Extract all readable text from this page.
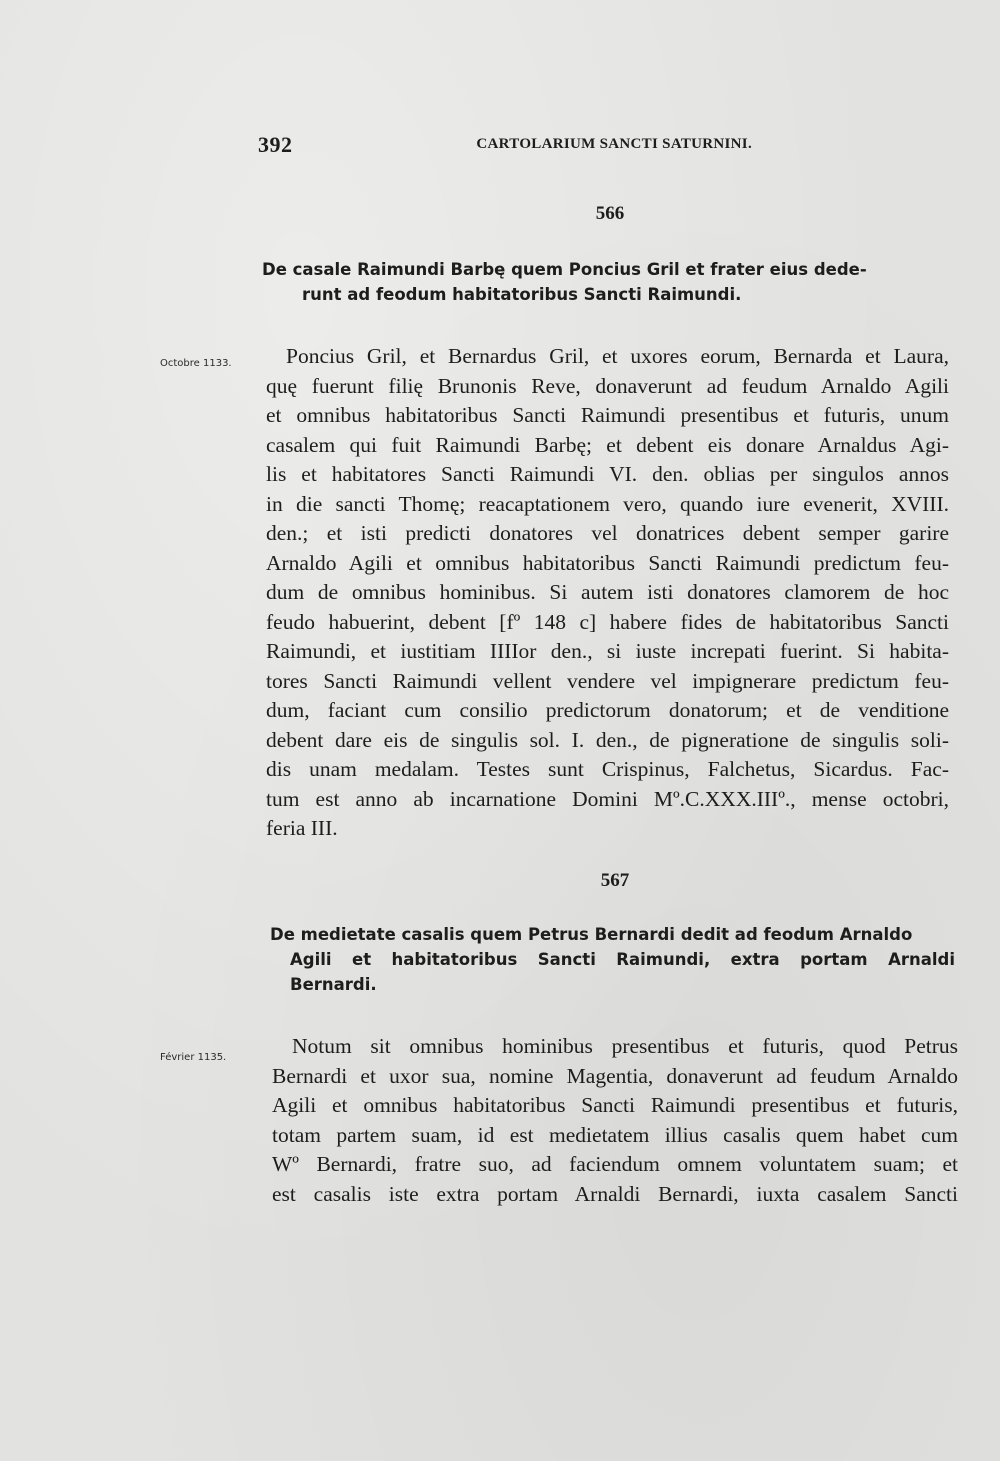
392	CARTOLARIUM SANCTI SATURNINI.
566
De casale Raimundi Barbę quem Poncius Gril et frater eius dede-
runt ad feodum habitatoribus Sancti Raimundi.
Octobre 1133.	Poncius Gril, et Bernardus Gril, et uxores eorum, Bernarda et Laura,
quę fuerunt filię Brunonis Reve, donaverunt ad feudum Arnaldo Agili
et omnibus habitatoribus Sancti Raimundi presentibus et futuris, unum
casalem qui fuit Raimundi Barbę; et debent eis donare Arnaldus Agi-
lis et habitatores Sancti Raimundi VI. den. oblias per singulos annos
in die sancti Thomę; reacaptationem vero, quando iure evenerit, XVIII.
den.; et isti predicti donatores vel donatrices debent semper garire
Arnaldo Agili et omnibus habitatoribus Sancti Raimundi predictum feu-
dum de omnibus hominibus. Si autem isti donatores clamorem de hoc
feudo habuerint, debent [fº 148 c] habere fides de habitatoribus Sancti
Raimundi, et iustitiam IIIIor den., si iuste increpati fuerint. Si habita-
tores Sancti Raimundi vellent vendere vel impignerare predictum feu-
dum, faciant cum consilio predictorum donatorum; et de venditione
debent dare eis de singulis sol. I. den., de pigneratione de singulis soli-
dis unam medalam. Testes sunt Crispinus, Falchetus, Sicardus. Fac-
tum est anno ab incarnatione Domini Mº.C.XXX.IIIº., mense octobri,
feria III.
567
De medietate casalis quem Petrus Bernardi dedit ad feodum Arnaldo
Agili et habitatoribus Sancti Raimundi, extra portam Arnaldi
Bernardi.
Février 1135.	Notum sit omnibus hominibus presentibus et futuris, quod Petrus
Bernardi et uxor sua, nomine Magentia, donaverunt ad feudum Arnaldo
Agili et omnibus habitatoribus Sancti Raimundi presentibus et futuris,
totam partem suam, id est medietatem illius casalis quem habet cum
Wº Bernardi, fratre suo, ad faciendum omnem voluntatem suam; et
est casalis iste extra portam Arnaldi Bernardi, iuxta casalem Sancti
